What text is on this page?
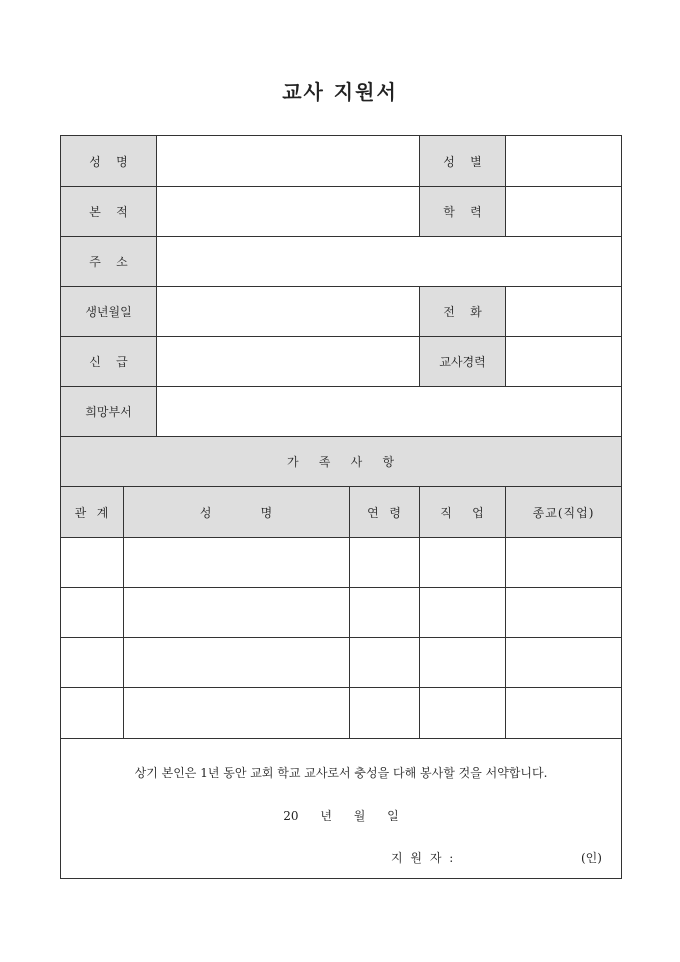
교사 지원서
성    명				성    별	
본    적				학    력	
주    소					
생년월일				전    화	
신    급				교사경력	
희망부서					
가    족    사    항					
관  계	성          명		연  령	직    업	종교(직업)

상기 본인은 1년 동안 교회 학교 교사로서 충성을 다해 봉사할 것을 서약합니다.
20 년 월 일
지 원 자 : (인)					
